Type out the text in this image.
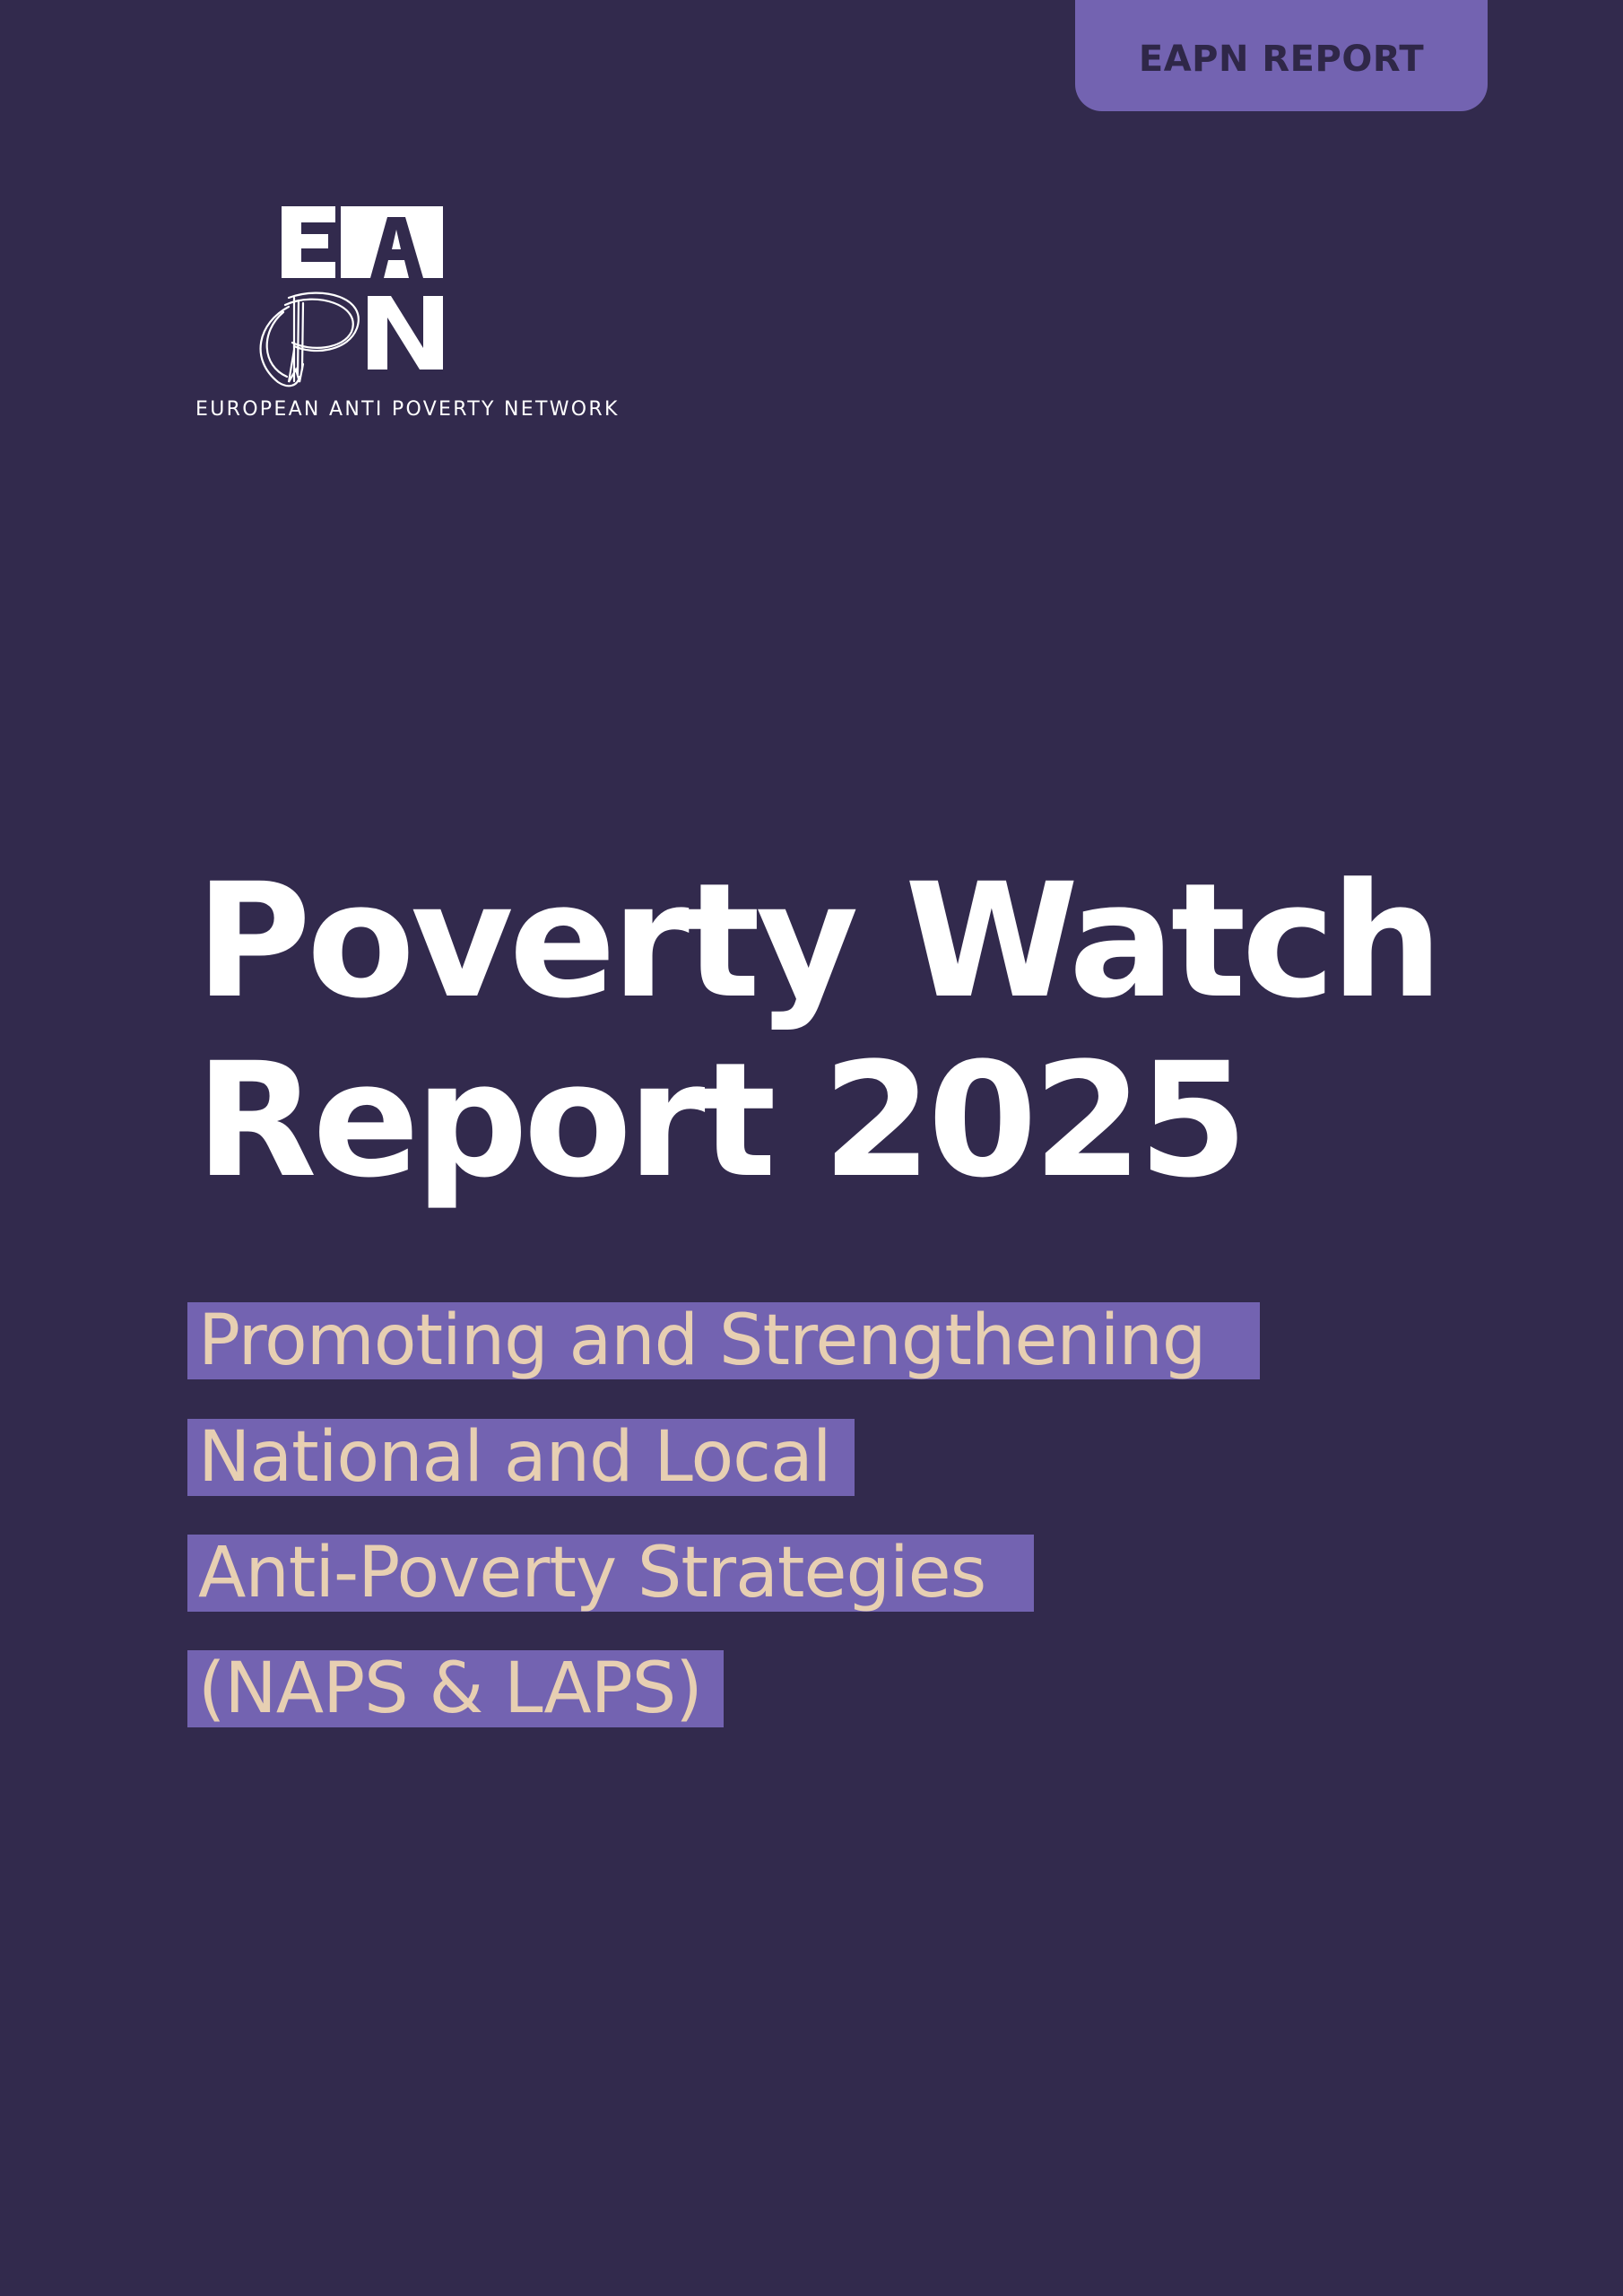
EAPN REPORT
EUROPEAN ANTI POVERTY NETWORK
Poverty Watch
Report 2025
Promoting and Strengthening
National and Local
Anti-Poverty Strategies
(NAPS & LAPS)
